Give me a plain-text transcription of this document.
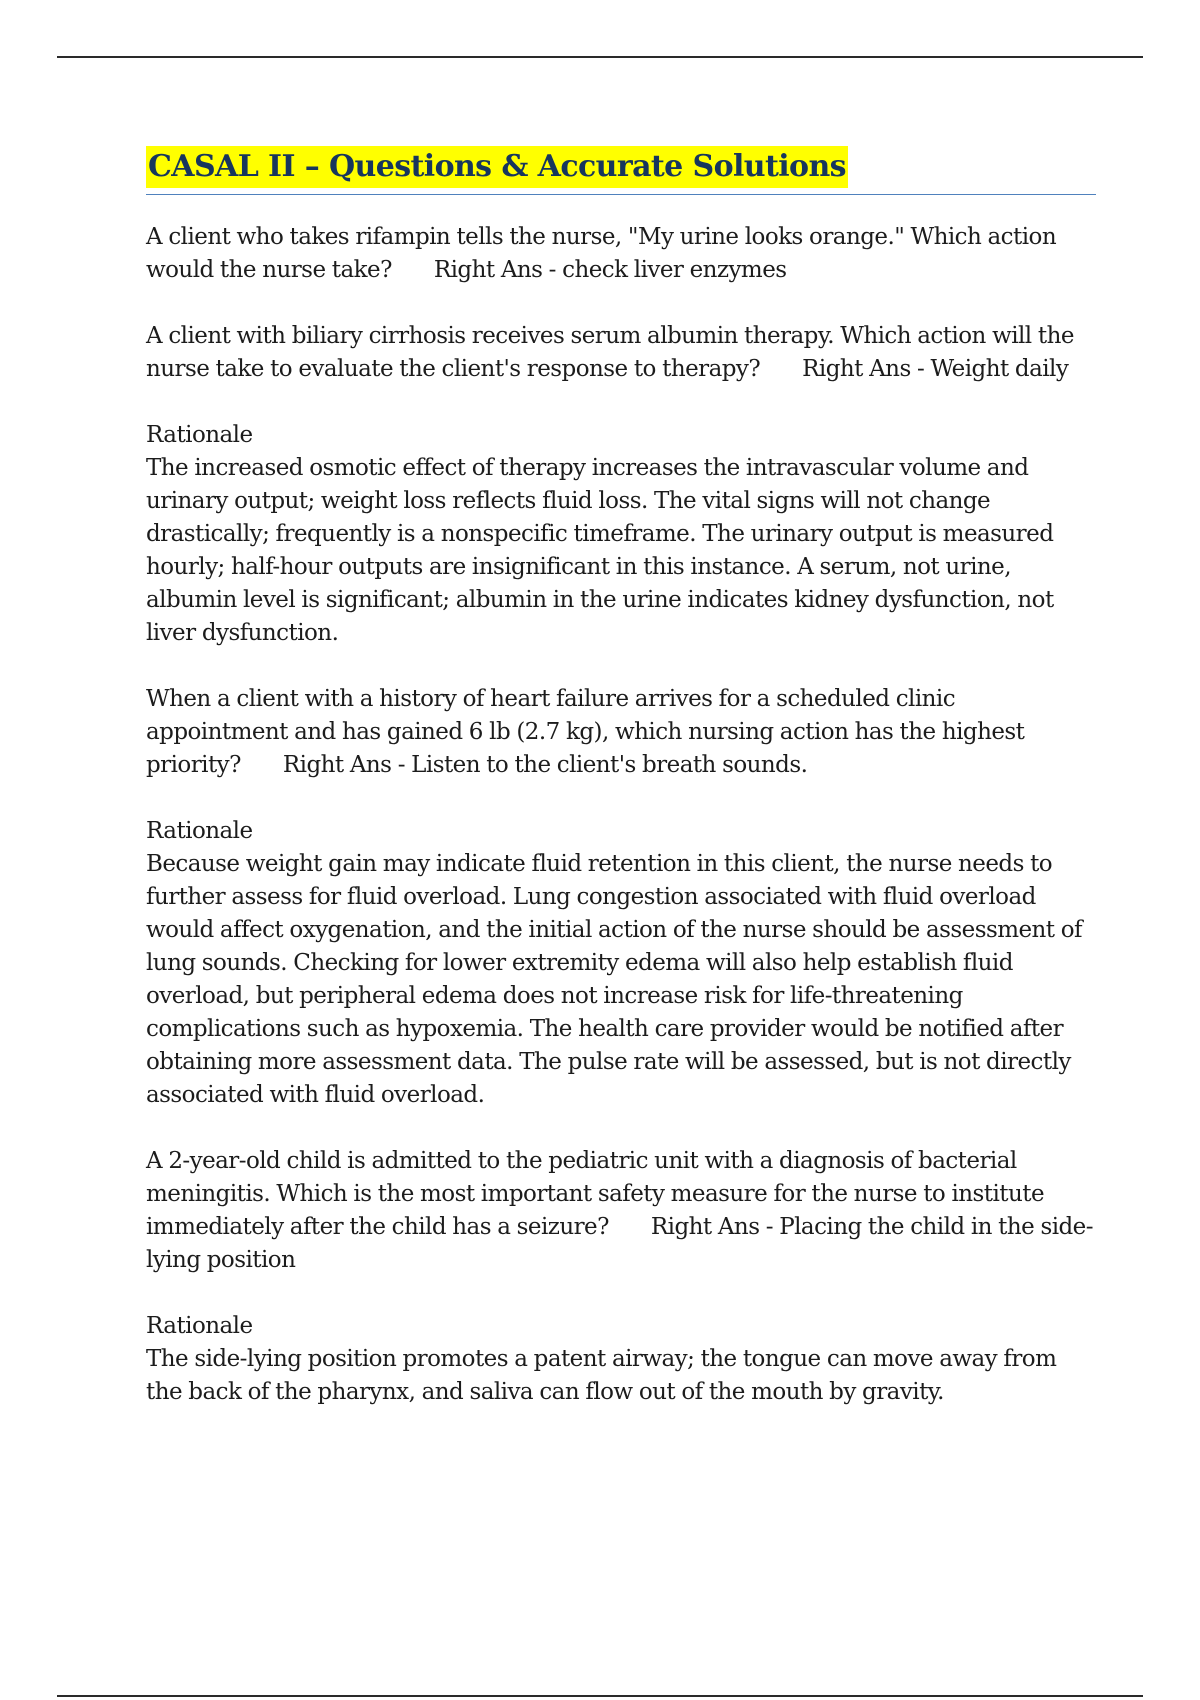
CASAL II – Questions & Accurate Solutions

A client who takes rifampin tells the nurse, "My urine looks orange." Which action would the nurse take? Right Ans - check liver enzymes

A client with biliary cirrhosis receives serum albumin therapy. Which action will the nurse take to evaluate the client's response to therapy? Right Ans - Weight daily

Rationale
The increased osmotic effect of therapy increases the intravascular volume and urinary output; weight loss reflects fluid loss. The vital signs will not change drastically; frequently is a nonspecific timeframe. The urinary output is measured hourly; half-hour outputs are insignificant in this instance. A serum, not urine, albumin level is significant; albumin in the urine indicates kidney dysfunction, not liver dysfunction.

When a client with a history of heart failure arrives for a scheduled clinic appointment and has gained 6 lb (2.7 kg), which nursing action has the highest priority? Right Ans - Listen to the client's breath sounds.

Rationale
Because weight gain may indicate fluid retention in this client, the nurse needs to further assess for fluid overload. Lung congestion associated with fluid overload would affect oxygenation, and the initial action of the nurse should be assessment of lung sounds. Checking for lower extremity edema will also help establish fluid overload, but peripheral edema does not increase risk for life-threatening complications such as hypoxemia. The health care provider would be notified after obtaining more assessment data. The pulse rate will be assessed, but is not directly associated with fluid overload.

A 2-year-old child is admitted to the pediatric unit with a diagnosis of bacterial meningitis. Which is the most important safety measure for the nurse to institute immediately after the child has a seizure? Right Ans - Placing the child in the side-lying position

Rationale
The side-lying position promotes a patent airway; the tongue can move away from the back of the pharynx, and saliva can flow out of the mouth by gravity.
